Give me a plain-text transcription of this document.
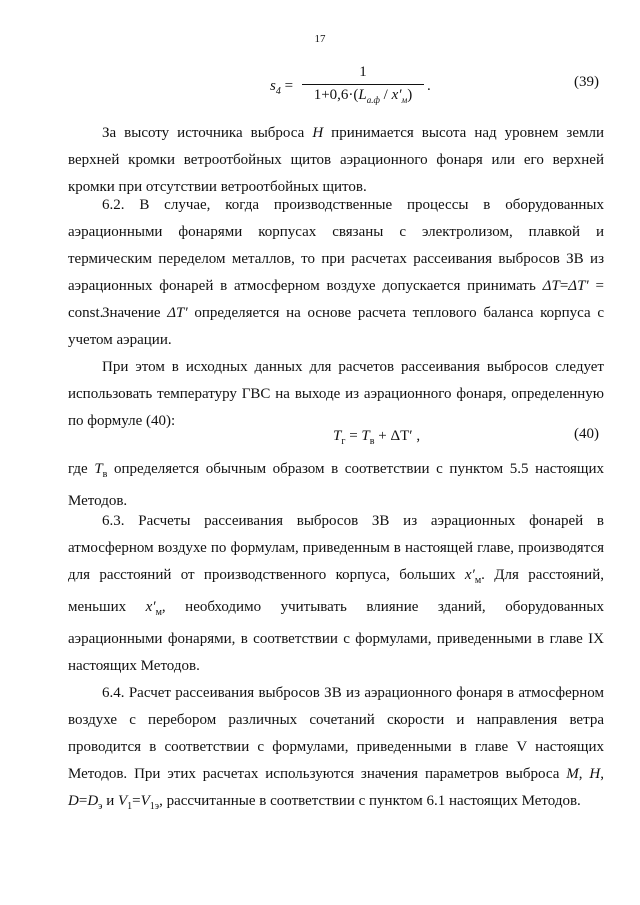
17
$s_4$ =
1
$1+0,6\cdot(L_{а.ф} / x'_м)$
.	(39)

За высоту источника выброса H принимается высота над уровнем земли верхней кромки ветроотбойных щитов аэрационного фонаря или его верхней кромки при отсутствии ветроотбойных щитов.

6.2. В случае, когда производственные процессы в оборудованных аэрационными фонарями корпусах связаны с электролизом, плавкой и термическим переделом металлов, то при расчетах рассеивания выбросов ЗВ из аэрационных фонарей в атмосферном воздухе допускается принимать ΔT=ΔT′ = const.

Значение ΔT′ определяется на основе расчета теплового баланса корпуса с учетом аэрации.

При этом в исходных данных для расчетов рассеивания выбросов следует использовать температуру ГВС на выходе из аэрационного фонаря, определенную по формуле (40):

$T_г = T_в + \Delta T'$ ,	(40)

где $T_в$ определяется обычным образом в соответствии с пунктом 5.5 настоящих Методов.

6.3. Расчеты рассеивания выбросов ЗВ из аэрационных фонарей в атмосферном воздухе по формулам, приведенным в настоящей главе, производятся для расстояний от производственного корпуса, больших $x'_м$. Для расстояний, меньших $x'_м$, необходимо учитывать влияние зданий, оборудованных аэрационными фонарями, в соответствии с формулами, приведенными в главе IX настоящих Методов.

6.4. Расчет рассеивания выбросов ЗВ из аэрационного фонаря в атмосферном воздухе с перебором различных сочетаний скорости и направления ветра проводится в соответствии с формулами, приведенными в главе V настоящих Методов. При этих расчетах используются значения параметров выброса M, H, $D=D_э$ и $V_1=V_{1э}$, рассчитанные в соответствии с пунктом 6.1 настоящих Методов.
